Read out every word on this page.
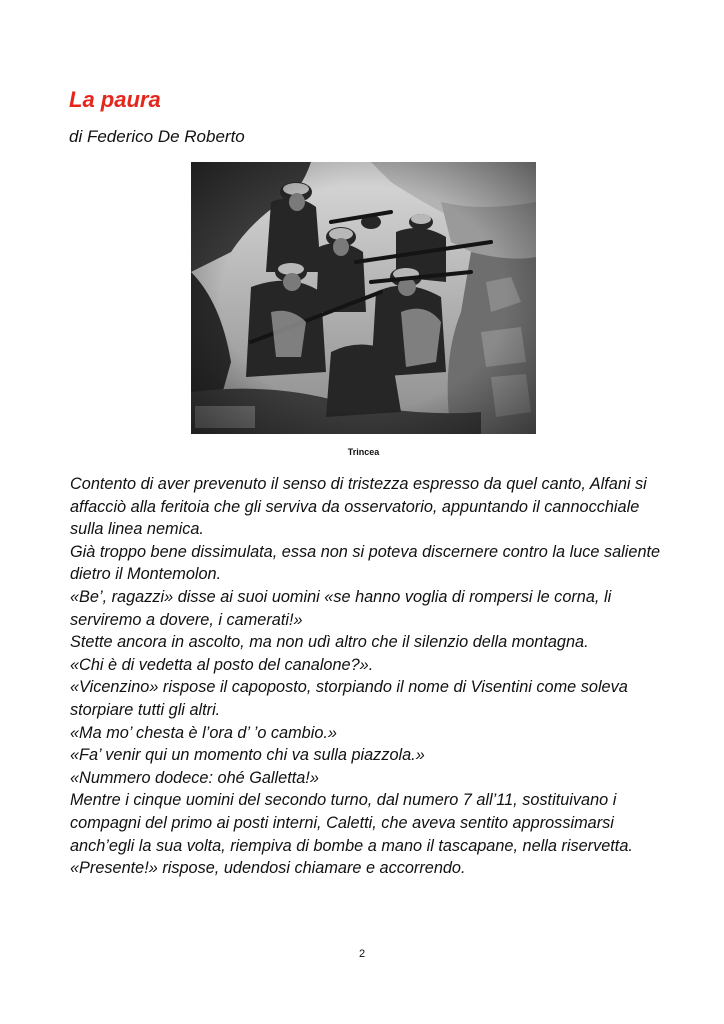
La paura
di Federico De Roberto
Trincea

Contento di aver prevenuto il senso di tristezza espresso da quel canto, Alfani si affacciò alla feritoia che gli serviva da osservatorio, appuntando il cannocchiale sulla linea nemica.

Già troppo bene dissimulata, essa non si poteva discernere contro la luce saliente dietro il Montemolon.

«Be’, ragazzi» disse ai suoi uomini «se hanno voglia di rompersi le corna, li serviremo a dovere, i camerati!»

Stette ancora in ascolto, ma non udì altro che il silenzio della montagna.

«Chi è di vedetta al posto del canalone?».

«Vicenzino» rispose il capoposto, storpiando il nome di Visentini come soleva storpiare tutti gli altri.

«Ma mo’ chesta è l’ora d’ ’o cambio.»

«Fa’ venir qui un momento chi va sulla piazzola.»

«Nummero dodece: ohé Galletta!»

Mentre i cinque uomini del secondo turno, dal numero 7 all’11, sostituivano i compagni del primo ai posti interni, Caletti, che aveva sentito approssimarsi anch’egli la sua volta, riempiva di bombe a mano il tascapane, nella riservetta.

«Presente!» rispose, udendosi chiamare e accorrendo.

2
